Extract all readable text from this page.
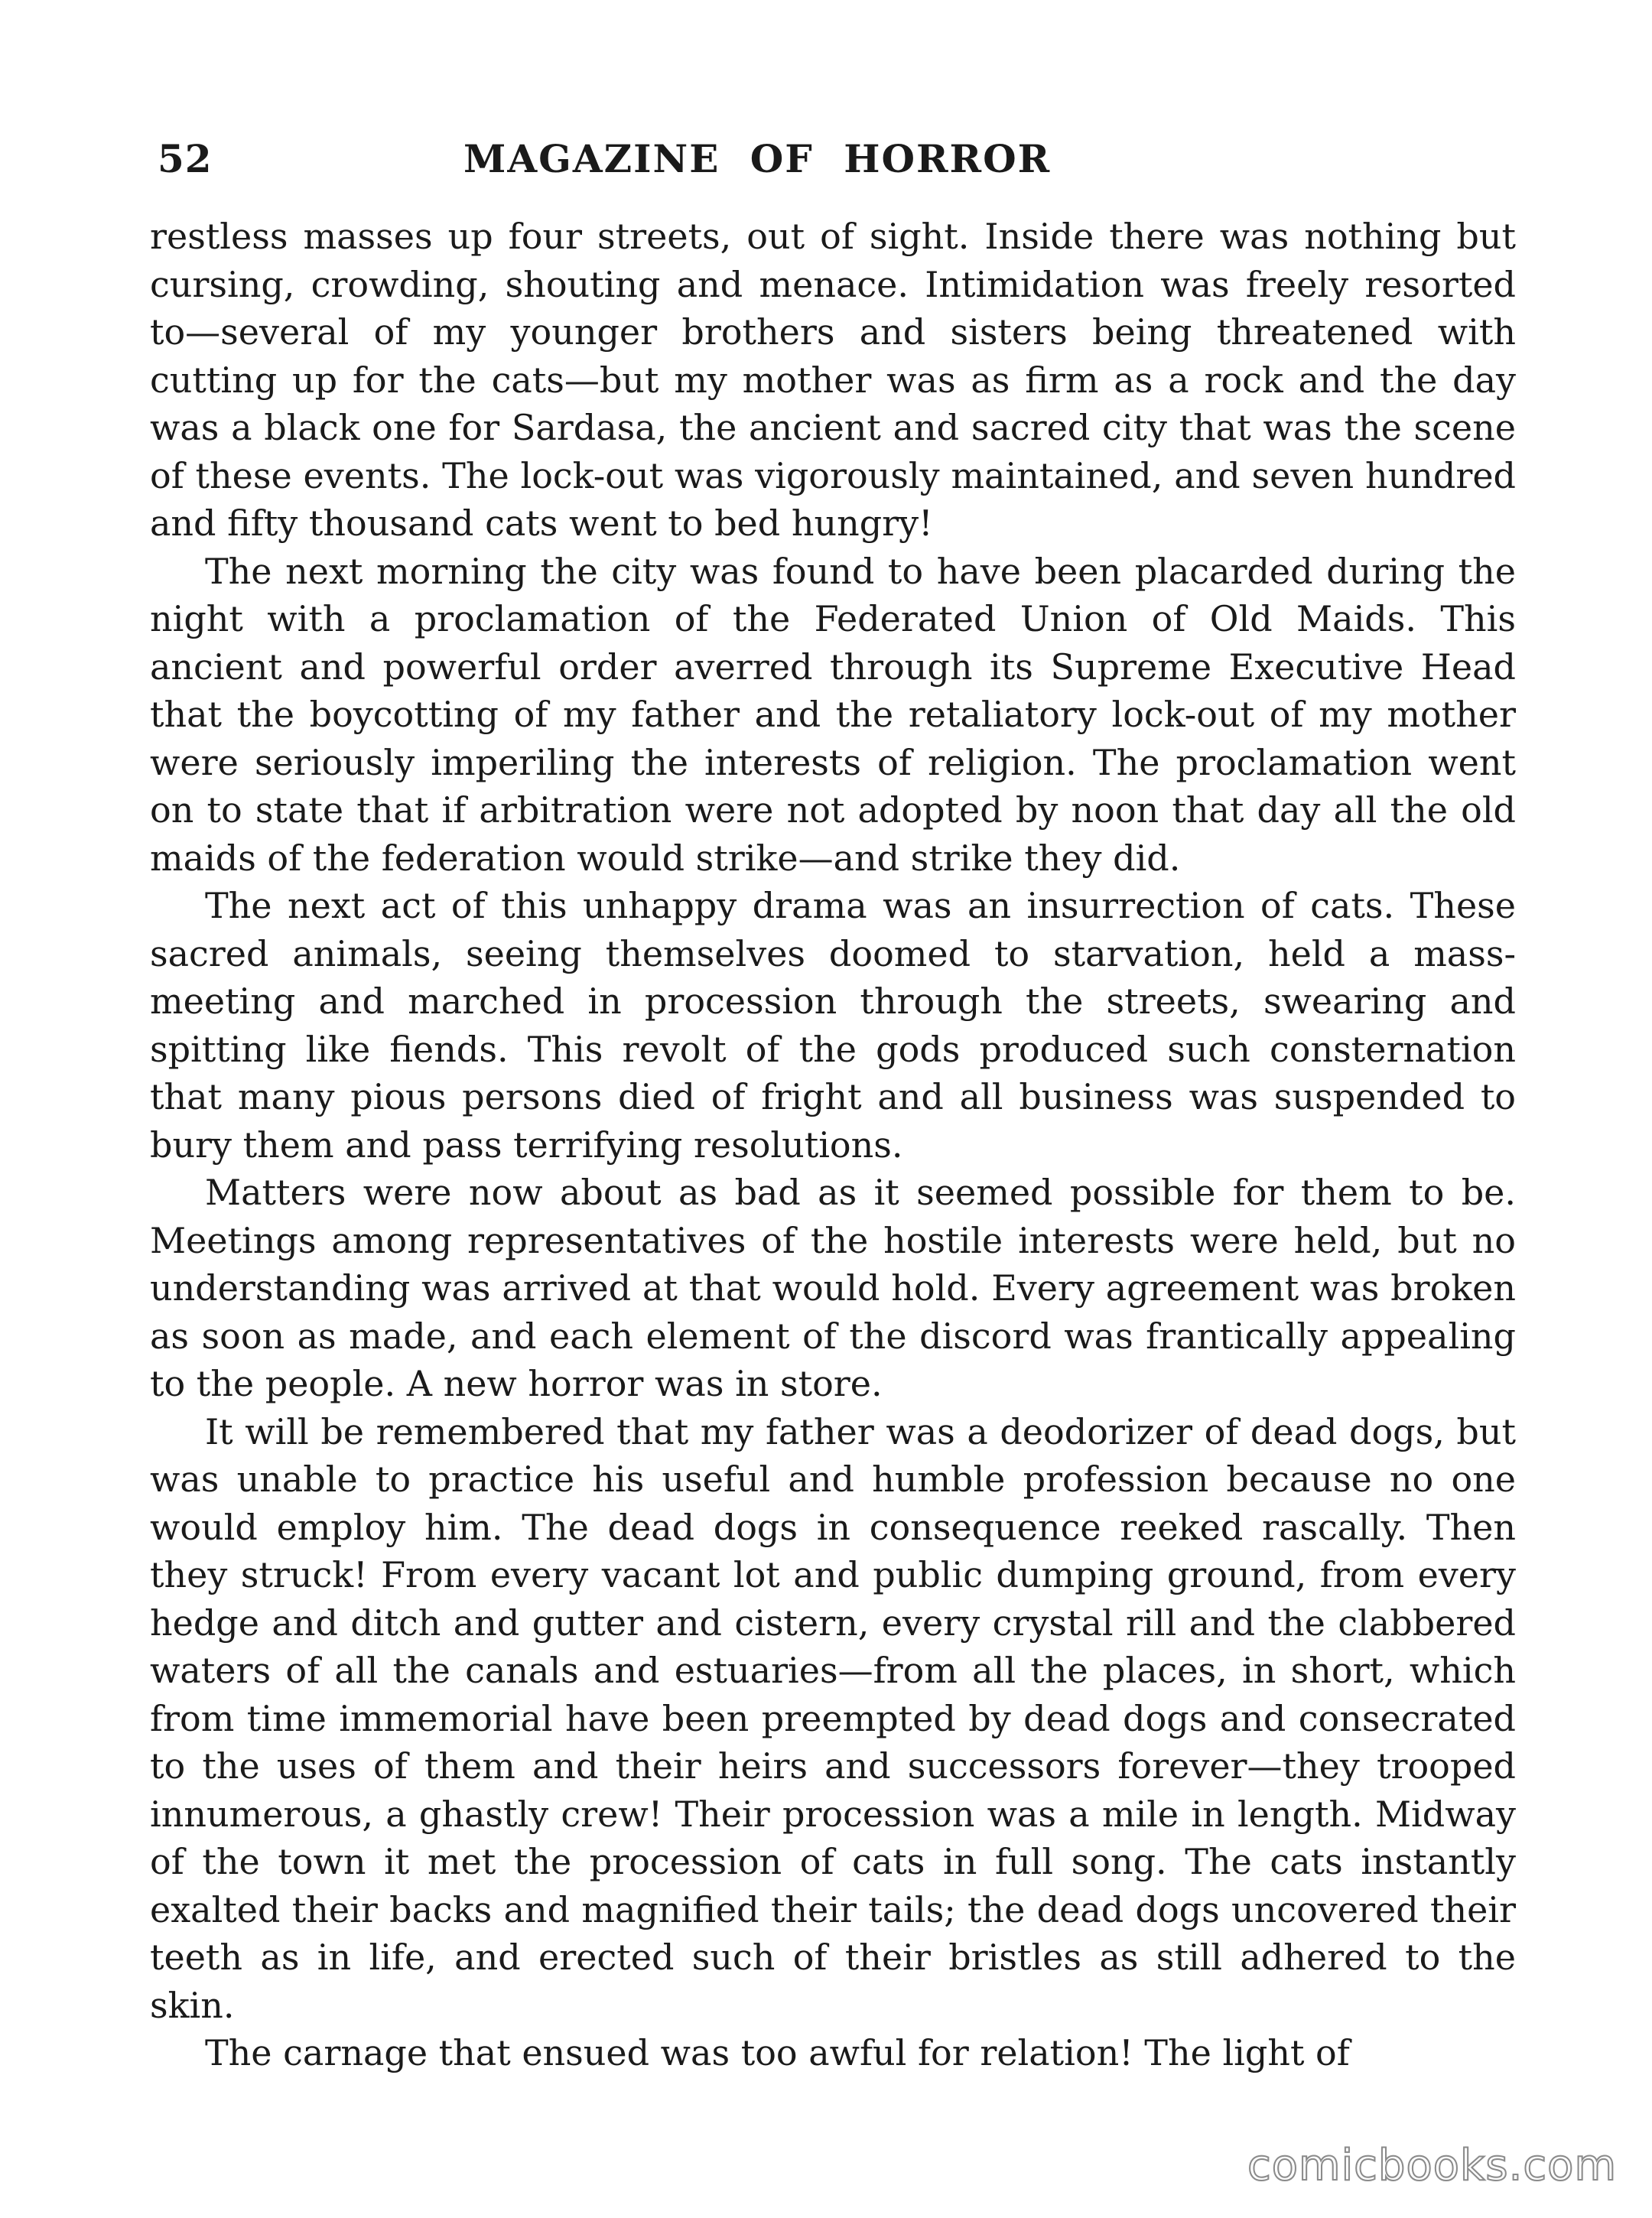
52	MAGAZINE OF HORROR

restless masses up four streets, out of sight. Inside there was nothing but cursing, crowding, shouting and menace. Intimidation was freely resorted to—several of my younger brothers and sisters being threatened with cutting up for the cats—but my mother was as firm as a rock and the day was a black one for Sardasa, the ancient and sacred city that was the scene of these events. The lock-out was vigorously maintained, and seven hundred and fifty thousand cats went to bed hungry!

The next morning the city was found to have been placarded during the night with a proclamation of the Federated Union of Old Maids. This ancient and powerful order averred through its Supreme Executive Head that the boycotting of my father and the retaliatory lock-out of my mother were seriously imperiling the interests of religion. The proclamation went on to state that if arbitration were not adopted by noon that day all the old maids of the federation would strike—and strike they did.

The next act of this unhappy drama was an insurrection of cats. These sacred animals, seeing themselves doomed to starvation, held a mass-meeting and marched in procession through the streets, swearing and spitting like fiends. This revolt of the gods produced such consternation that many pious persons died of fright and all business was suspended to bury them and pass terrifying resolutions.

Matters were now about as bad as it seemed possible for them to be. Meetings among representatives of the hostile interests were held, but no understanding was arrived at that would hold. Every agreement was broken as soon as made, and each element of the discord was frantically appealing to the people. A new horror was in store.

It will be remembered that my father was a deodorizer of dead dogs, but was unable to practice his useful and humble profession because no one would employ him. The dead dogs in consequence reeked rascally. Then they struck! From every vacant lot and public dumping ground, from every hedge and ditch and gutter and cistern, every crystal rill and the clabbered waters of all the canals and estuaries—from all the places, in short, which from time immemorial have been preempted by dead dogs and consecrated to the uses of them and their heirs and successors forever—they trooped innumerous, a ghastly crew! Their procession was a mile in length. Midway of the town it met the procession of cats in full song. The cats instantly exalted their backs and magnified their tails; the dead dogs uncovered their teeth as in life, and erected such of their bristles as still adhered to the skin.

The carnage that ensued was too awful for relation! The light of

comicbooks.com
